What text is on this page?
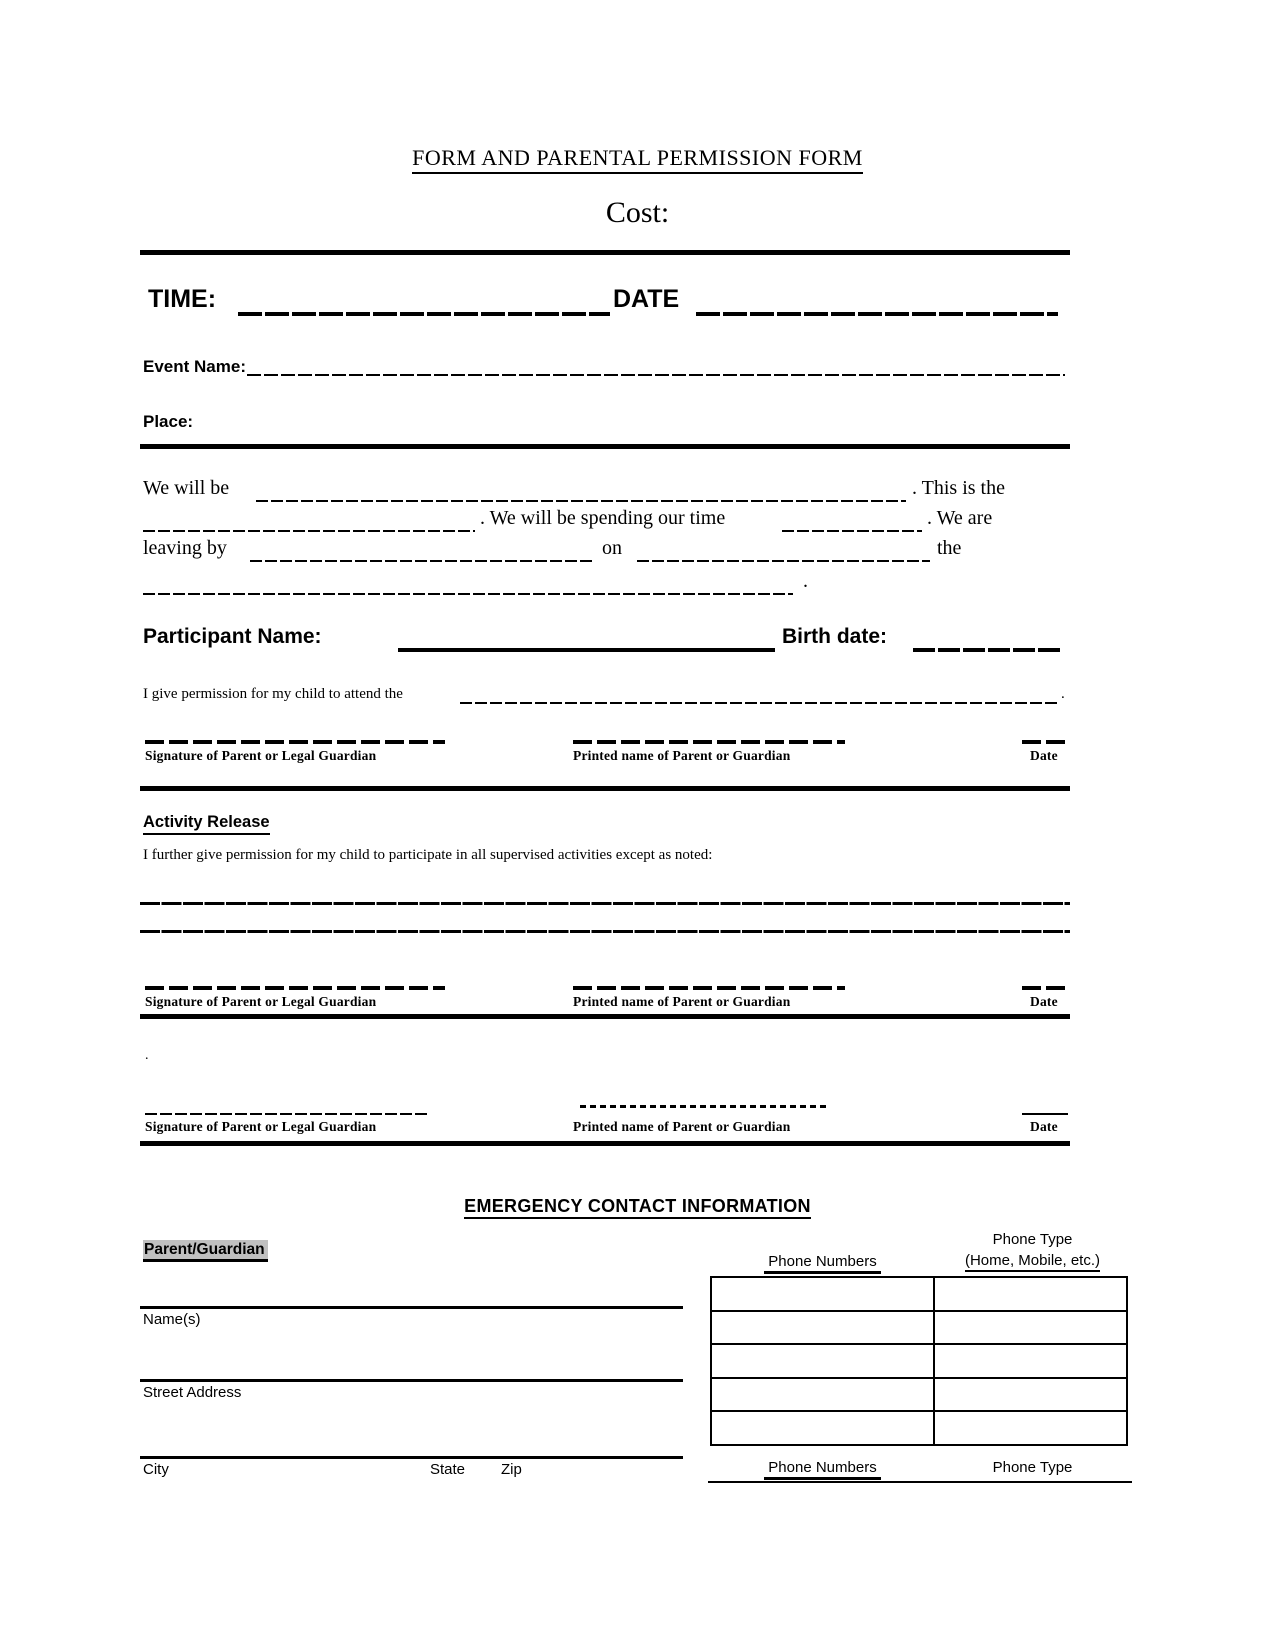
FORM AND PARENTAL PERMISSION FORM
Cost:
TIME:	DATE
Event Name:
Place:
We will be	. This is the
. We will be spending our time	. We are
leaving by	on	the
.
Participant Name:	Birth date:
I give permission for my child to attend the	.
Signature of Parent or Legal Guardian	Printed name of Parent or Guardian	Date
Activity Release
I further give permission for my child to participate in all supervised activities except as noted:
Signature of Parent or Legal Guardian	Printed name of Parent or Guardian	Date
.
Signature of Parent or Legal Guardian	Printed name of Parent or Guardian	Date
EMERGENCY CONTACT INFORMATION
Parent/Guardian
Phone Numbers
Phone Type
(Home, Mobile, etc.)

Name(s)
Street Address
City	State Zip	Phone Numbers	Phone Type
